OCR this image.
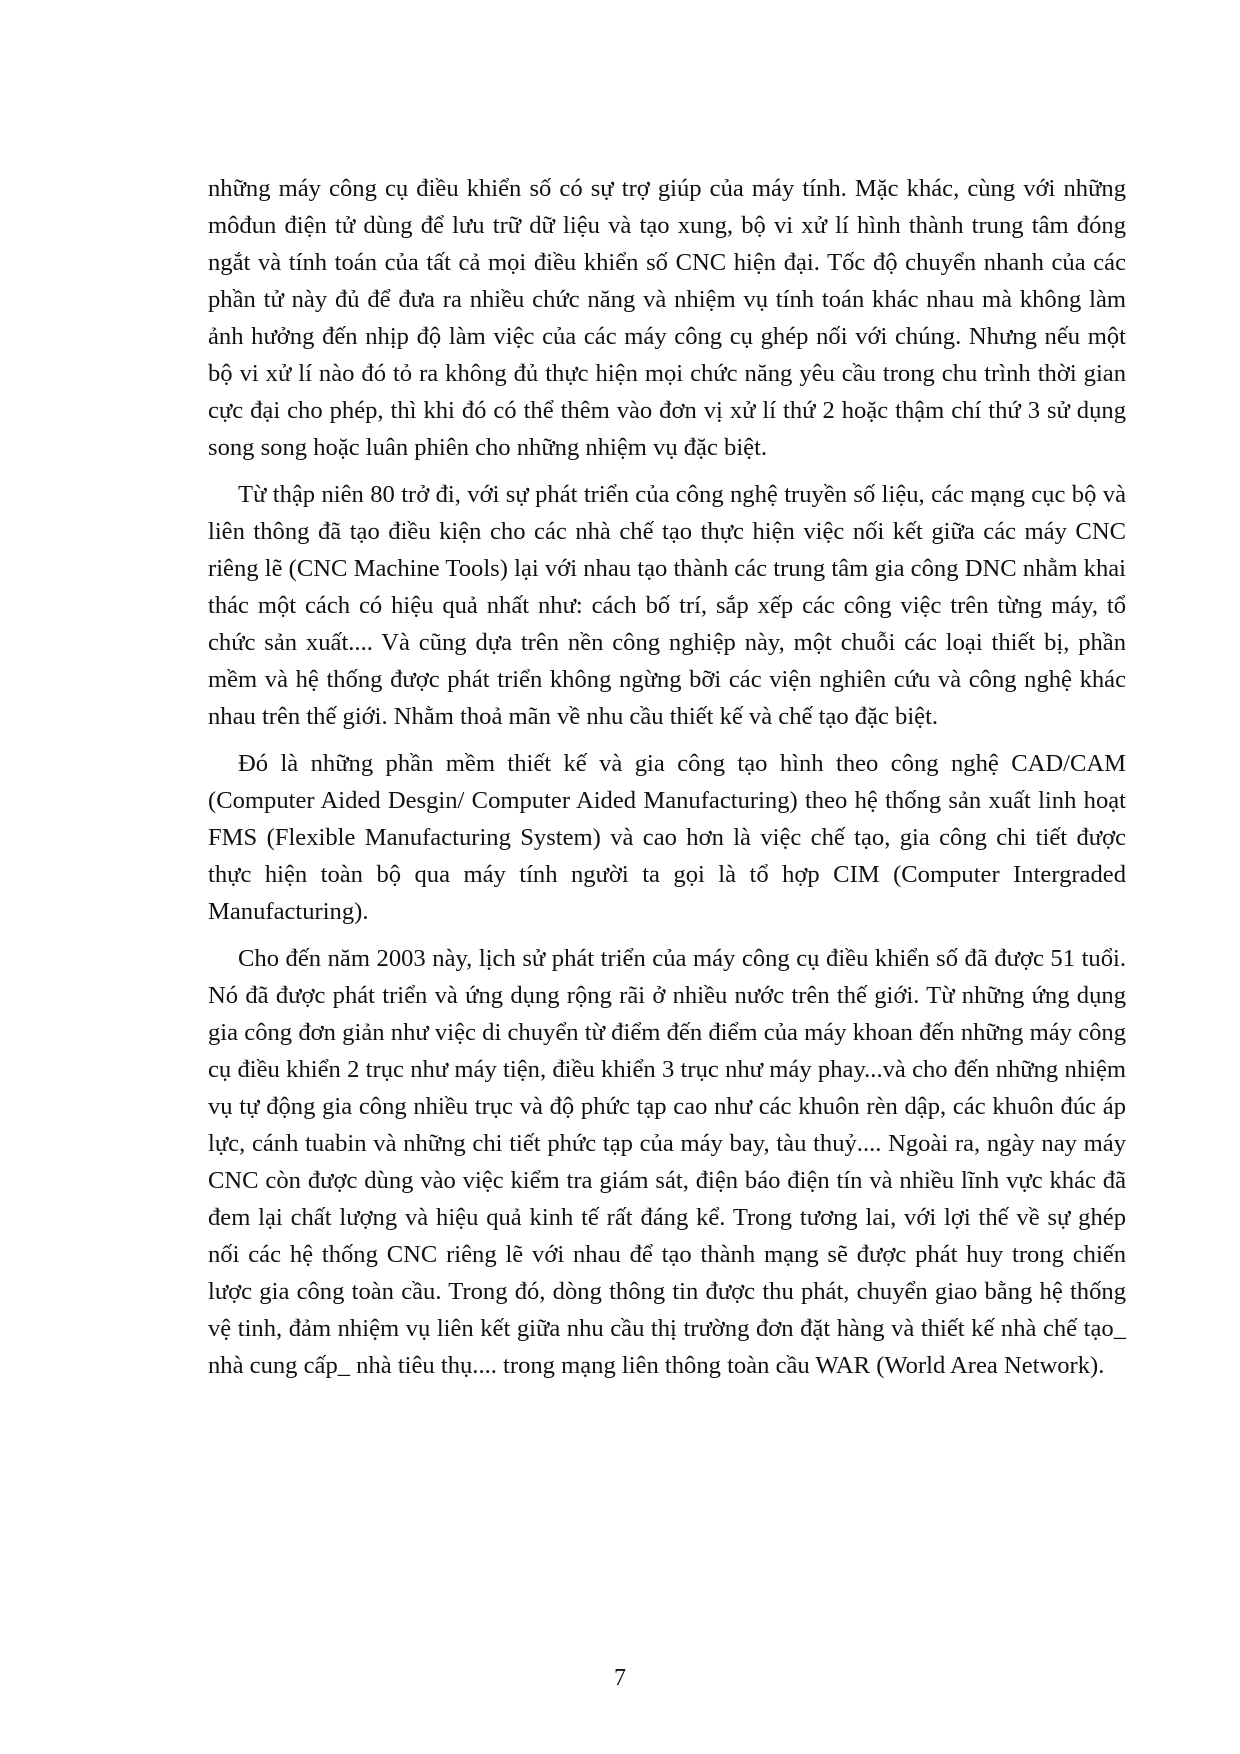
những máy công cụ điều khiển số có sự trợ giúp của máy tính. Mặc khác, cùng với những môđun điện tử dùng để lưu trữ dữ liệu và tạo xung, bộ vi xử lí hình thành trung tâm đóng ngắt và tính toán của tất cả mọi điều khiển số CNC hiện đại. Tốc độ chuyển nhanh của các phần tử này đủ để đưa ra nhiều chức năng và nhiệm vụ tính toán khác nhau mà không làm ảnh hưởng đến nhịp độ làm việc của các máy công cụ ghép nối với chúng. Nhưng nếu một bộ vi xử lí nào đó tỏ ra không đủ thực hiện mọi chức năng yêu cầu trong chu trình thời gian cực đại cho phép, thì khi đó có thể thêm vào đơn vị xử lí thứ 2 hoặc thậm chí thứ 3 sử dụng song song hoặc luân phiên cho những nhiệm vụ đặc biệt.

Từ thập niên 80 trở đi, với sự phát triển của công nghệ truyền số liệu, các mạng cục bộ và liên thông đã tạo điều kiện cho các nhà chế tạo thực hiện việc nối kết giữa các máy CNC riêng lẽ (CNC Machine Tools) lại với nhau tạo thành các trung tâm gia công DNC nhằm khai thác một cách có hiệu quả nhất như: cách bố trí, sắp xếp các công việc trên từng máy, tổ chức sản xuất.... Và cũng dựa trên nền công nghiệp này, một chuỗi các loại thiết bị, phần mềm và hệ thống được phát triển không ngừng bỡi các viện nghiên cứu và công nghệ khác nhau trên thế giới. Nhằm thoả mãn về nhu cầu thiết kế và chế tạo đặc biệt.

Đó là những phần mềm thiết kế và gia công tạo hình theo công nghệ CAD/CAM (Computer Aided Desgin/ Computer Aided Manufacturing) theo hệ thống sản xuất linh hoạt FMS (Flexible Manufacturing System) và cao hơn là việc chế tạo, gia công chi tiết được thực hiện toàn bộ qua máy tính người ta gọi là tổ hợp CIM (Computer Intergraded Manufacturing).

Cho đến năm 2003 này, lịch sử phát triển của máy công cụ điều khiển số đã được 51 tuổi. Nó đã được phát triển và ứng dụng rộng rãi ở nhiều nước trên thế giới. Từ những ứng dụng gia công đơn giản như việc di chuyển từ điểm đến điểm của máy khoan đến những máy công cụ điều khiển 2 trục như máy tiện, điều khiển 3 trục như máy phay...và cho đến những nhiệm vụ tự động gia công nhiều trục và độ phức tạp cao như các khuôn rèn dập, các khuôn đúc áp lực, cánh tuabin và những chi tiết phức tạp của máy bay, tàu thuỷ.... Ngoài ra, ngày nay máy CNC còn được dùng vào việc kiểm tra giám sát, điện báo điện tín và nhiều lĩnh vực khác đã đem lại chất lượng và hiệu quả kinh tế rất đáng kể. Trong tương lai, với lợi thế về sự ghép nối các hệ thống CNC riêng lẽ với nhau để tạo thành mạng sẽ được phát huy trong chiến lược gia công toàn cầu. Trong đó, dòng thông tin được thu phát, chuyển giao bằng hệ thống vệ tinh, đảm nhiệm vụ liên kết giữa nhu cầu thị trường đơn đặt hàng và thiết kế nhà chế tạo_ nhà cung cấp_ nhà tiêu thụ.... trong mạng liên thông toàn cầu WAR (World Area Network).

7
